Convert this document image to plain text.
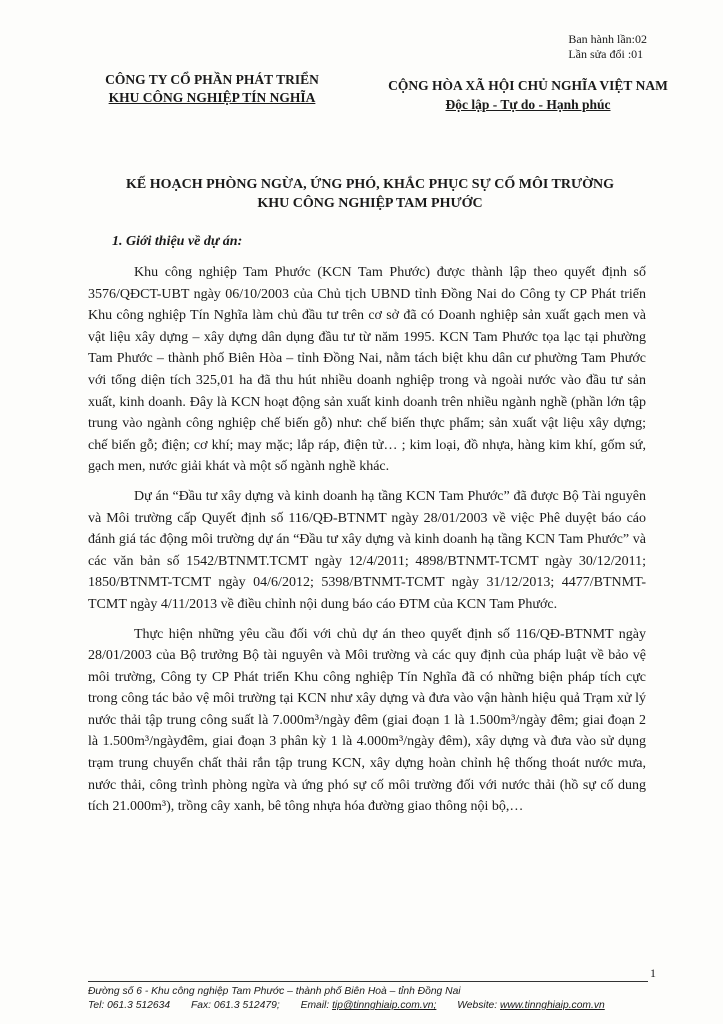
Ban hành lần:02
Lần sửa đổi :01
CÔNG TY CỔ PHẦN PHÁT TRIỂN
KHU CÔNG NGHIỆP TÍN NGHĨA
CỘNG HÒA XÃ HỘI CHỦ NGHĨA VIỆT NAM
Độc lập - Tự do - Hạnh phúc
KẾ HOẠCH PHÒNG NGỪA, ỨNG PHÓ, KHẮC PHỤC SỰ CỐ MÔI TRƯỜNG
KHU CÔNG NGHIỆP TAM PHƯỚC
1. Giới thiệu về dự án:

Khu công nghiệp Tam Phước (KCN Tam Phước) được thành lập theo quyết định số 3576/QĐCT-UBT ngày 06/10/2003 của Chủ tịch UBND tỉnh Đồng Nai do Công ty CP Phát triển Khu công nghiệp Tín Nghĩa làm chủ đầu tư trên cơ sở đã có Doanh nghiệp sản xuất gạch men và vật liệu xây dựng – xây dựng dân dụng đầu tư từ năm 1995. KCN Tam Phước tọa lạc tại phường Tam Phước – thành phố Biên Hòa – tỉnh Đồng Nai, nằm tách biệt khu dân cư phường Tam Phước với tổng diện tích 325,01 ha đã thu hút nhiều doanh nghiệp trong và ngoài nước vào đầu tư sản xuất, kinh doanh. Đây là KCN hoạt động sản xuất kinh doanh trên nhiều ngành nghề (phần lớn tập trung vào ngành công nghiệp chế biến gỗ) như: chế biến thực phẩm; sản xuất vật liệu xây dựng; chế biến gỗ; điện; cơ khí; may mặc; lắp ráp, điện tử… ; kim loại, đồ nhựa, hàng kim khí, gốm sứ, gạch men, nước giải khát và một số ngành nghề khác.

Dự án “Đầu tư xây dựng và kinh doanh hạ tầng KCN Tam Phước” đã được Bộ Tài nguyên và Môi trường cấp Quyết định số 116/QĐ-BTNMT ngày 28/01/2003 về việc Phê duyệt báo cáo đánh giá tác động môi trường dự án “Đầu tư xây dựng và kinh doanh hạ tầng KCN Tam Phước” và các văn bản số 1542/BTNMT.TCMT ngày 12/4/2011; 4898/BTNMT-TCMT ngày 30/12/2011; 1850/BTNMT-TCMT ngày 04/6/2012; 5398/BTNMT-TCMT ngày 31/12/2013; 4477/BTNMT-TCMT ngày 4/11/2013 về điều chỉnh nội dung báo cáo ĐTM của KCN Tam Phước.

Thực hiện những yêu cầu đối với chủ dự án theo quyết định số 116/QĐ-BTNMT ngày 28/01/2003 của Bộ trưởng Bộ tài nguyên và Môi trường và các quy định của pháp luật về bảo vệ môi trường, Công ty CP Phát triển Khu công nghiệp Tín Nghĩa đã có những biện pháp tích cực trong công tác bảo vệ môi trường tại KCN như xây dựng và đưa vào vận hành hiệu quả Trạm xử lý nước thải tập trung công suất là 7.000m³/ngày đêm (giai đoạn 1 là 1.500m³/ngày đêm; giai đoạn 2 là 1.500m³/ngàyđêm, giai đoạn 3 phân kỳ 1 là 4.000m³/ngày đêm), xây dựng và đưa vào sử dụng trạm trung chuyển chất thải rắn tập trung KCN, xây dựng hoàn chỉnh hệ thống thoát nước mưa, nước thải, công trình phòng ngừa và ứng phó sự cố môi trường đối với nước thải (hồ sự cố dung tích 21.000m³), trồng cây xanh, bê tông nhựa hóa đường giao thông nội bộ,…

1
Đường số 6 - Khu công nghiệp Tam Phước – thành phố Biên Hoà – tỉnh Đồng Nai
Tel: 061.3 512634 Fax: 061.3 512479; Email: tip@tinnghiaip.com.vn; Website: www.tinnghiaip.com.vn
